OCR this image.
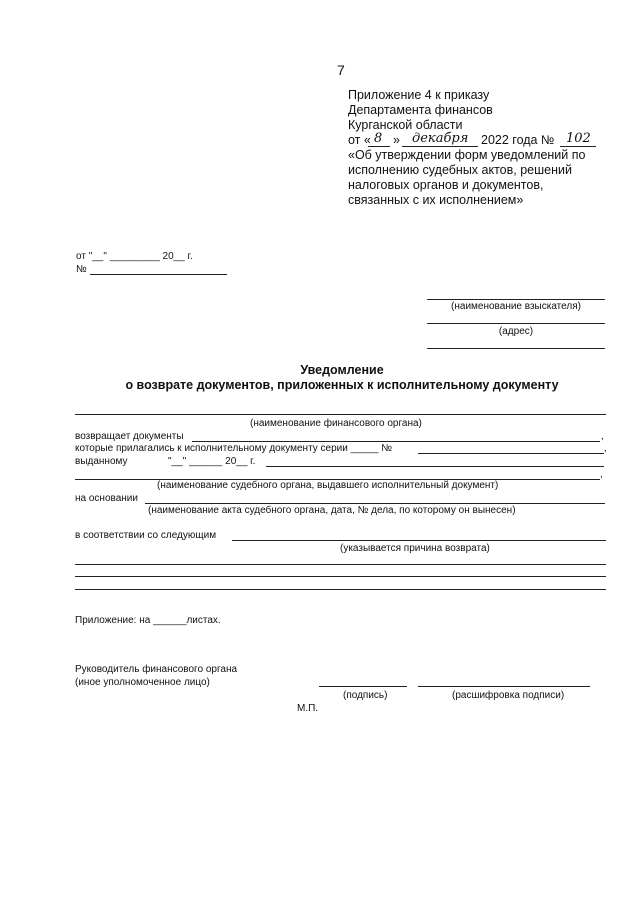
7
Приложение 4 к приказу
Департамента финансов
Курганской области
от « 8 » декабря 2022 года № 102
«Об утверждении форм уведомлений по
исполнению судебных актов, решений
налоговых органов и документов,
связанных с их исполнением»
от "__" _________ 20__ г.
№
(наименование взыскателя)
(адрес)
Уведомление
о возврате документов, приложенных к исполнительному документу
(наименование финансового органа)
возвращает документы	,
которые прилагались к исполнительному документу серии _____ №	,
выданному	"__" ______ 20__ г.
,
(наименование судебного органа, выдавшего исполнительный документ)
на основании
(наименование акта судебного органа, дата, № дела, по которому он вынесен)
в соответствии со следующим
(указывается причина возврата)
Приложение: на ______листах.
Руководитель финансового органа
(иное уполномоченное лицо)
(подпись)	(расшифровка подписи)
М.П.
